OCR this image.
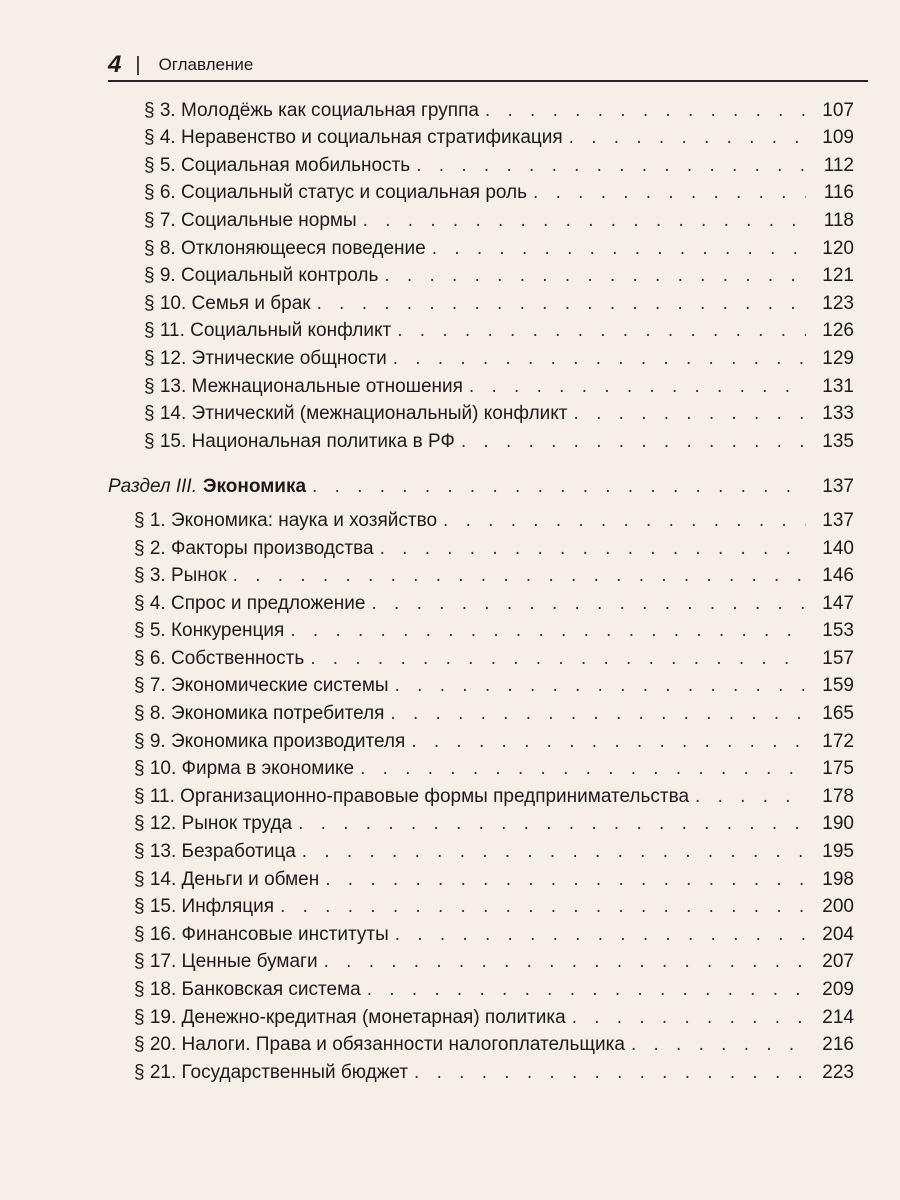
4 | Оглавление
§ 3. Молодёжь как социальная группа . . .	107
§ 4. Неравенство и социальная стратификация . . .	109
§ 5. Социальная мобильность . . .	112
§ 6. Социальный статус и социальная роль . . .	116
§ 7. Социальные нормы . . .	118
§ 8. Отклоняющееся поведение . . .	120
§ 9. Социальный контроль . . .	121
§ 10. Семья и брак . . .	123
§ 11. Социальный конфликт . . .	126
§ 12. Этнические общности . . .	129
§ 13. Межнациональные отношения . . .	131
§ 14. Этнический (межнациональный) конфликт . . .	133
§ 15. Национальная политика в РФ . . .	135
Раздел III. Экономика . . .	137
§ 1. Экономика: наука и хозяйство . . .	137
§ 2. Факторы производства . . .	140
§ 3. Рынок . . .	146
§ 4. Спрос и предложение . . .	147
§ 5. Конкуренция . . .	153
§ 6. Собственность . . .	157
§ 7. Экономические системы . . .	159
§ 8. Экономика потребителя . . .	165
§ 9. Экономика производителя . . .	172
§ 10. Фирма в экономике . . .	175
§ 11. Организационно-правовые формы предпринимательства . . .	178
§ 12. Рынок труда . . .	190
§ 13. Безработица . . .	195
§ 14. Деньги и обмен . . .	198
§ 15. Инфляция . . .	200
§ 16. Финансовые институты . . .	204
§ 17. Ценные бумаги . . .	207
§ 18. Банковская система . . .	209
§ 19. Денежно-кредитная (монетарная) политика . . .	214
§ 20. Налоги. Права и обязанности налогоплательщика . . .	216
§ 21. Государственный бюджет . . .	223
